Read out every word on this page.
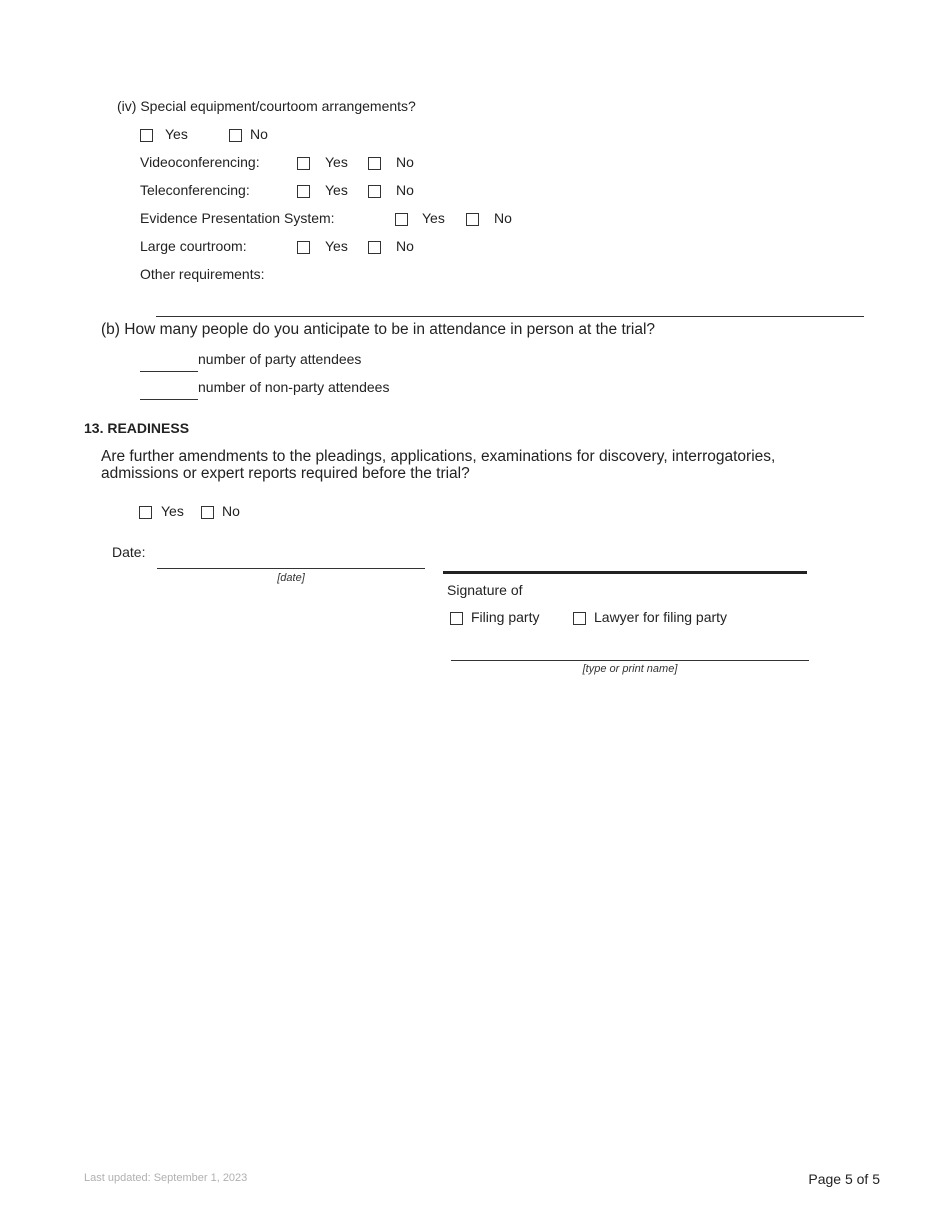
(iv) Special equipment/courtoom arrangements?
Yes	No
Videoconferencing:	Yes	No
Teleconferencing:	Yes	No
Evidence Presentation System:	Yes	No
Large courtroom:	Yes	No
Other requirements:
(b) How many people do you anticipate to be in attendance in person at the trial?
number of party attendees
number of non-party attendees
13. READINESS
Are further amendments to the pleadings, applications, examinations for discovery, interrogatories,
admissions or expert reports required before the trial?
Yes	No
Date:
[date]
Signature of
Filing party	Lawyer for filing party
[type or print name]
Last updated: September 1, 2023	Page 5 of 5
